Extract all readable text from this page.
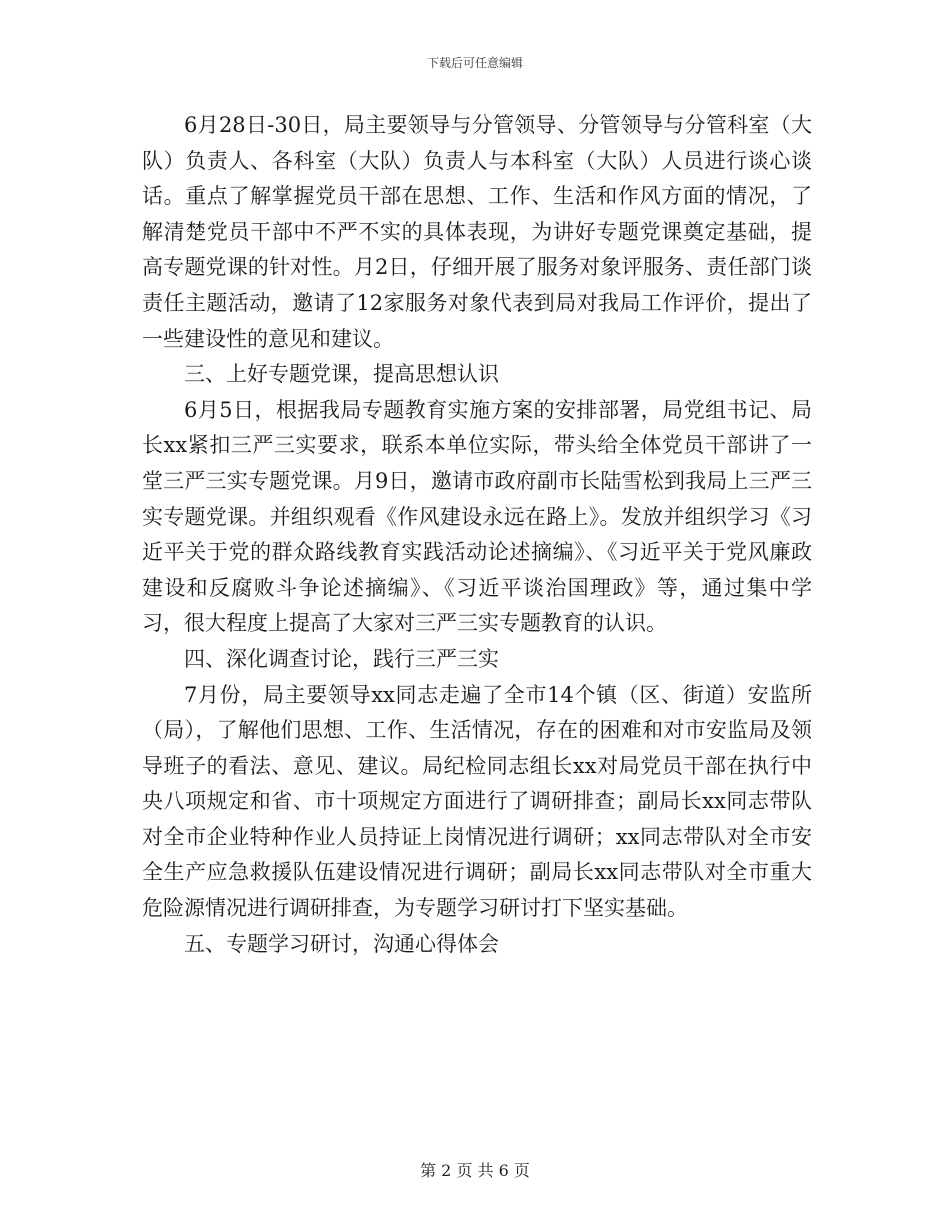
下载后可任意编辑

6月28日-30日，局主要领导与分管领导、分管领导与分管科室（大队）负责人、各科室（大队）负责人与本科室（大队）人员进行谈心谈话。重点了解掌握党员干部在思想、工作、生活和作风方面的情况，了解清楚党员干部中不严不实的具体表现，为讲好专题党课奠定基础，提高专题党课的针对性。月2日，仔细开展了服务对象评服务、责任部门谈责任主题活动，邀请了12家服务对象代表到局对我局工作评价，提出了一些建设性的意见和建议。

三、上好专题党课，提高思想认识

6月5日，根据我局专题教育实施方案的安排部署，局党组书记、局长xx紧扣三严三实要求，联系本单位实际，带头给全体党员干部讲了一堂三严三实专题党课。月9日，邀请市政府副市长陆雪松到我局上三严三实专题党课。并组织观看《作风建设永远在路上》。发放并组织学习《习近平关于党的群众路线教育实践活动论述摘编》、《习近平关于党风廉政建设和反腐败斗争论述摘编》、《习近平谈治国理政》等，通过集中学习，很大程度上提高了大家对三严三实专题教育的认识。

四、深化调查讨论，践行三严三实

7月份，局主要领导xx同志走遍了全市14个镇（区、街道）安监所（局），了解他们思想、工作、生活情况，存在的困难和对市安监局及领导班子的看法、意见、建议。局纪检同志组长xx对局党员干部在执行中央八项规定和省、市十项规定方面进行了调研排查；副局长xx同志带队对全市企业特种作业人员持证上岗情况进行调研；xx同志带队对全市安全生产应急救援队伍建设情况进行调研；副局长xx同志带队对全市重大危险源情况进行调研排查，为专题学习研讨打下坚实基础。

五、专题学习研讨，沟通心得体会

第 2 页 共 6 页
